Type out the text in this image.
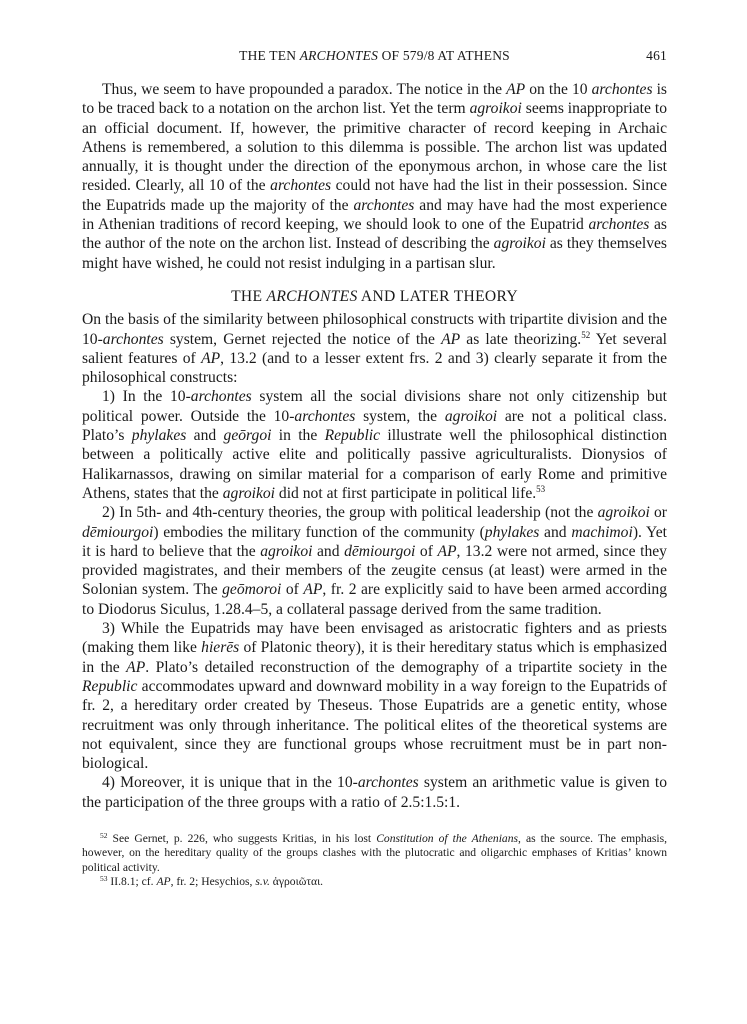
THE TEN ARCHONTES OF 579/8 AT ATHENS	461

Thus, we seem to have propounded a paradox. The notice in the AP on the 10 archontes is to be traced back to a notation on the archon list. Yet the term agroikoi seems inappropriate to an official document. If, however, the primitive character of record keeping in Archaic Athens is remembered, a solution to this dilemma is possible. The archon list was updated annually, it is thought under the direction of the eponymous archon, in whose care the list resided. Clearly, all 10 of the archontes could not have had the list in their possession. Since the Eupatrids made up the majority of the archontes and may have had the most experience in Athenian traditions of record keeping, we should look to one of the Eupatrid archontes as the author of the note on the archon list. Instead of describing the agroikoi as they themselves might have wished, he could not resist indulging in a partisan slur.

THE ARCHONTES AND LATER THEORY

On the basis of the similarity between philosophical constructs with tripartite division and the 10-archontes system, Gernet rejected the notice of the AP as late theorizing.$^{52}$ Yet several salient features of AP, 13.2 (and to a lesser extent frs. 2 and 3) clearly separate it from the philosophical constructs:

1) In the 10-archontes system all the social divisions share not only citizenship but political power. Outside the 10-archontes system, the agroikoi are not a political class. Plato’s phylakes and geōrgoi in the Republic illustrate well the philosophical distinction between a politically active elite and politically passive agriculturalists. Dionysios of Halikarnassos, drawing on similar material for a comparison of early Rome and primitive Athens, states that the agroikoi did not at first participate in political life.$^{53}$

2) In 5th- and 4th-century theories, the group with political leadership (not the agroikoi or dēmiourgoi) embodies the military function of the community (phylakes and machimoi). Yet it is hard to believe that the agroikoi and dēmiourgoi of AP, 13.2 were not armed, since they provided magistrates, and their members of the zeugite census (at least) were armed in the Solonian system. The geōmoroi of AP, fr. 2 are explicitly said to have been armed according to Diodorus Siculus, 1.28.4–5, a collateral passage derived from the same tradition.

3) While the Eupatrids may have been envisaged as aristocratic fighters and as priests (making them like hierēs of Platonic theory), it is their hereditary status which is emphasized in the AP. Plato’s detailed reconstruction of the demography of a tripartite society in the Republic accommodates upward and downward mobility in a way foreign to the Eupatrids of fr. 2, a hereditary order created by Theseus. Those Eupatrids are a genetic entity, whose recruitment was only through inheritance. The political elites of the theoretical systems are not equivalent, since they are functional groups whose recruitment must be in part non-biological.

4) Moreover, it is unique that in the 10-archontes system an arithmetic value is given to the participation of the three groups with a ratio of 2.5:1.5:1.

$^{52}$ See Gernet, p. 226, who suggests Kritias, in his lost Constitution of the Athenians, as the source. The emphasis, however, on the hereditary quality of the groups clashes with the plutocratic and oligarchic emphases of Kritias’ known political activity.

$^{53}$ II.8.1; cf. AP, fr. 2; Hesychios, s.v. ἀγροιῶται.
